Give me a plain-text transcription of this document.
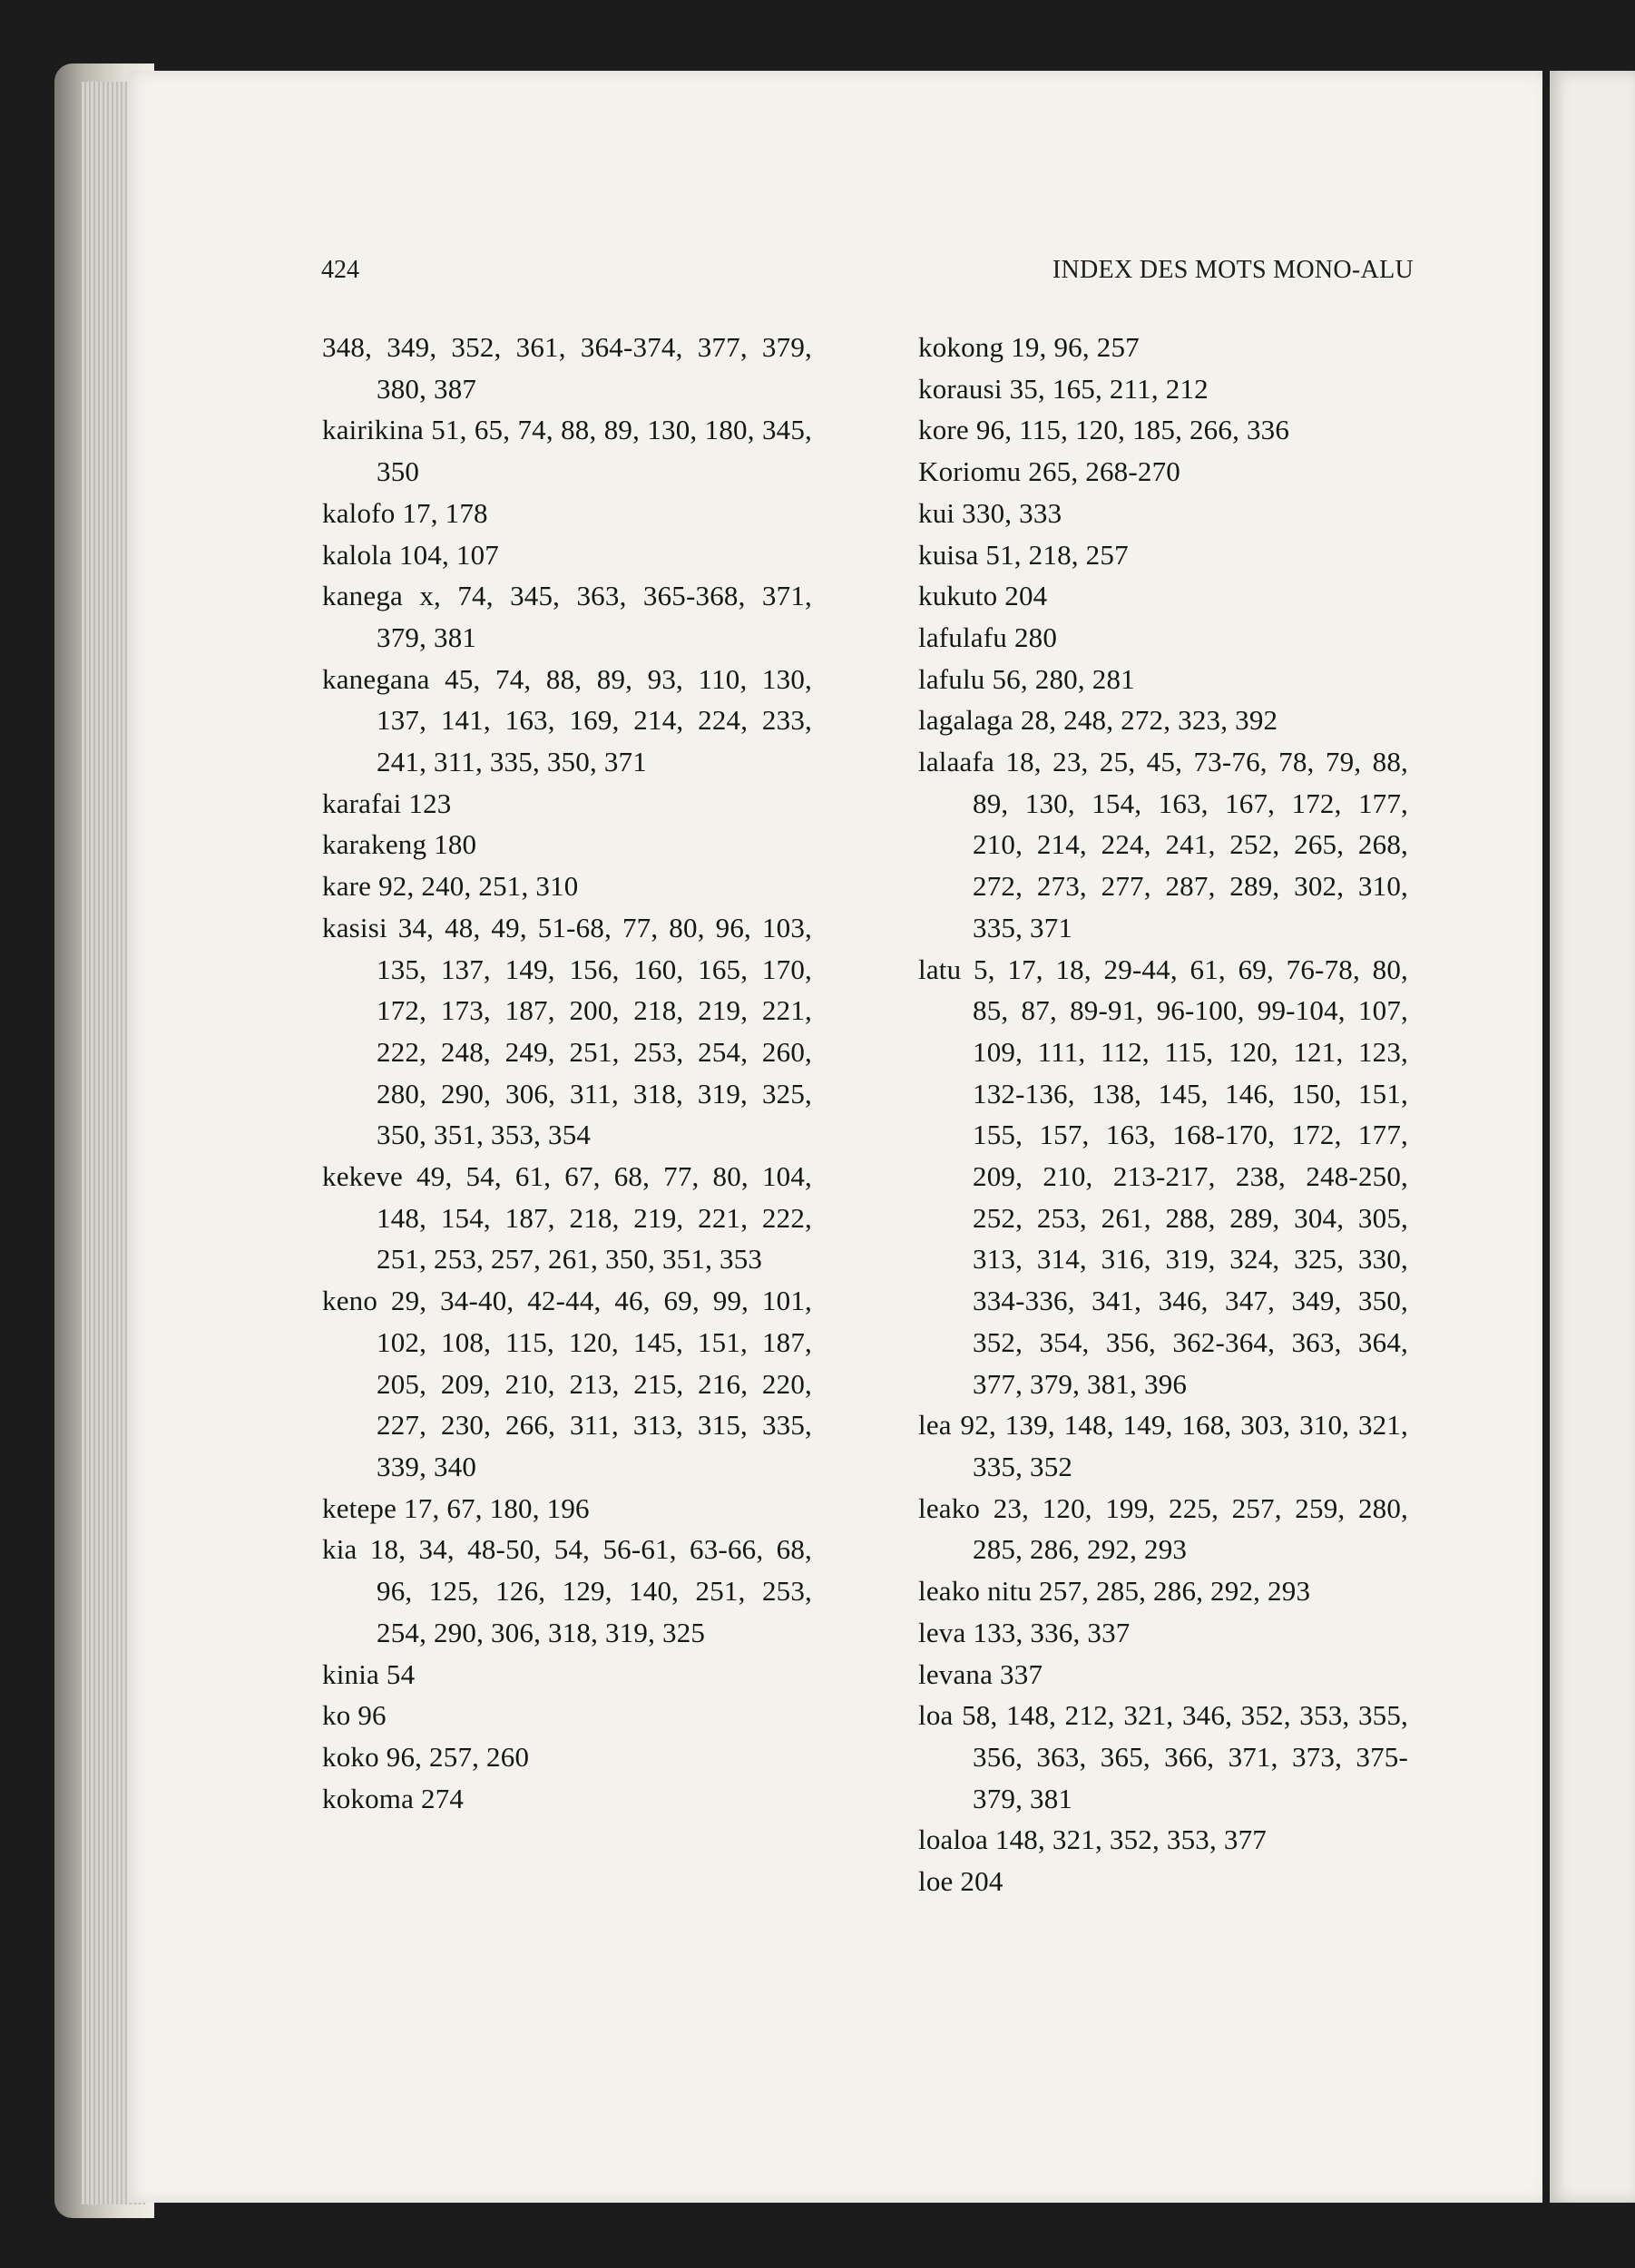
424	INDEX DES MOTS MONO-ALU

348, 349, 352, 361, 364-374, 377, 379, 380, 387

kairikina 51, 65, 74, 88, 89, 130, 180, 345, 350

kalofo 17, 178

kalola 104, 107

kanega x, 74, 345, 363, 365-368, 371, 379, 381

kanegana 45, 74, 88, 89, 93, 110, 130, 137, 141, 163, 169, 214, 224, 233, 241, 311, 335, 350, 371

karafai 123

karakeng 180

kare 92, 240, 251, 310

kasisi 34, 48, 49, 51-68, 77, 80, 96, 103, 135, 137, 149, 156, 160, 165, 170, 172, 173, 187, 200, 218, 219, 221, 222, 248, 249, 251, 253, 254, 260, 280, 290, 306, 311, 318, 319, 325, 350, 351, 353, 354

kekeve 49, 54, 61, 67, 68, 77, 80, 104, 148, 154, 187, 218, 219, 221, 222, 251, 253, 257, 261, 350, 351, 353

keno 29, 34-40, 42-44, 46, 69, 99, 101, 102, 108, 115, 120, 145, 151, 187, 205, 209, 210, 213, 215, 216, 220, 227, 230, 266, 311, 313, 315, 335, 339, 340

ketepe 17, 67, 180, 196

kia 18, 34, 48-50, 54, 56-61, 63-66, 68, 96, 125, 126, 129, 140, 251, 253, 254, 290, 306, 318, 319, 325

kinia 54

ko 96

koko 96, 257, 260

kokoma 274

kokong 19, 96, 257

korausi 35, 165, 211, 212

kore 96, 115, 120, 185, 266, 336

Koriomu 265, 268-270

kui 330, 333

kuisa 51, 218, 257

kukuto 204

lafulafu 280

lafulu 56, 280, 281

lagalaga 28, 248, 272, 323, 392

lalaafa 18, 23, 25, 45, 73-76, 78, 79, 88, 89, 130, 154, 163, 167, 172, 177, 210, 214, 224, 241, 252, 265, 268, 272, 273, 277, 287, 289, 302, 310, 335, 371

latu 5, 17, 18, 29-44, 61, 69, 76-78, 80, 85, 87, 89-91, 96-100, 99-104, 107, 109, 111, 112, 115, 120, 121, 123, 132-136, 138, 145, 146, 150, 151, 155, 157, 163, 168-170, 172, 177, 209, 210, 213-217, 238, 248-250, 252, 253, 261, 288, 289, 304, 305, 313, 314, 316, 319, 324, 325, 330, 334-336, 341, 346, 347, 349, 350, 352, 354, 356, 362-364, 363, 364, 377, 379, 381, 396

lea 92, 139, 148, 149, 168, 303, 310, 321, 335, 352

leako 23, 120, 199, 225, 257, 259, 280, 285, 286, 292, 293

leako nitu 257, 285, 286, 292, 293

leva 133, 336, 337

levana 337

loa 58, 148, 212, 321, 346, 352, 353, 355, 356, 363, 365, 366, 371, 373, 375-379, 381

loaloa 148, 321, 352, 353, 377

loe 204
